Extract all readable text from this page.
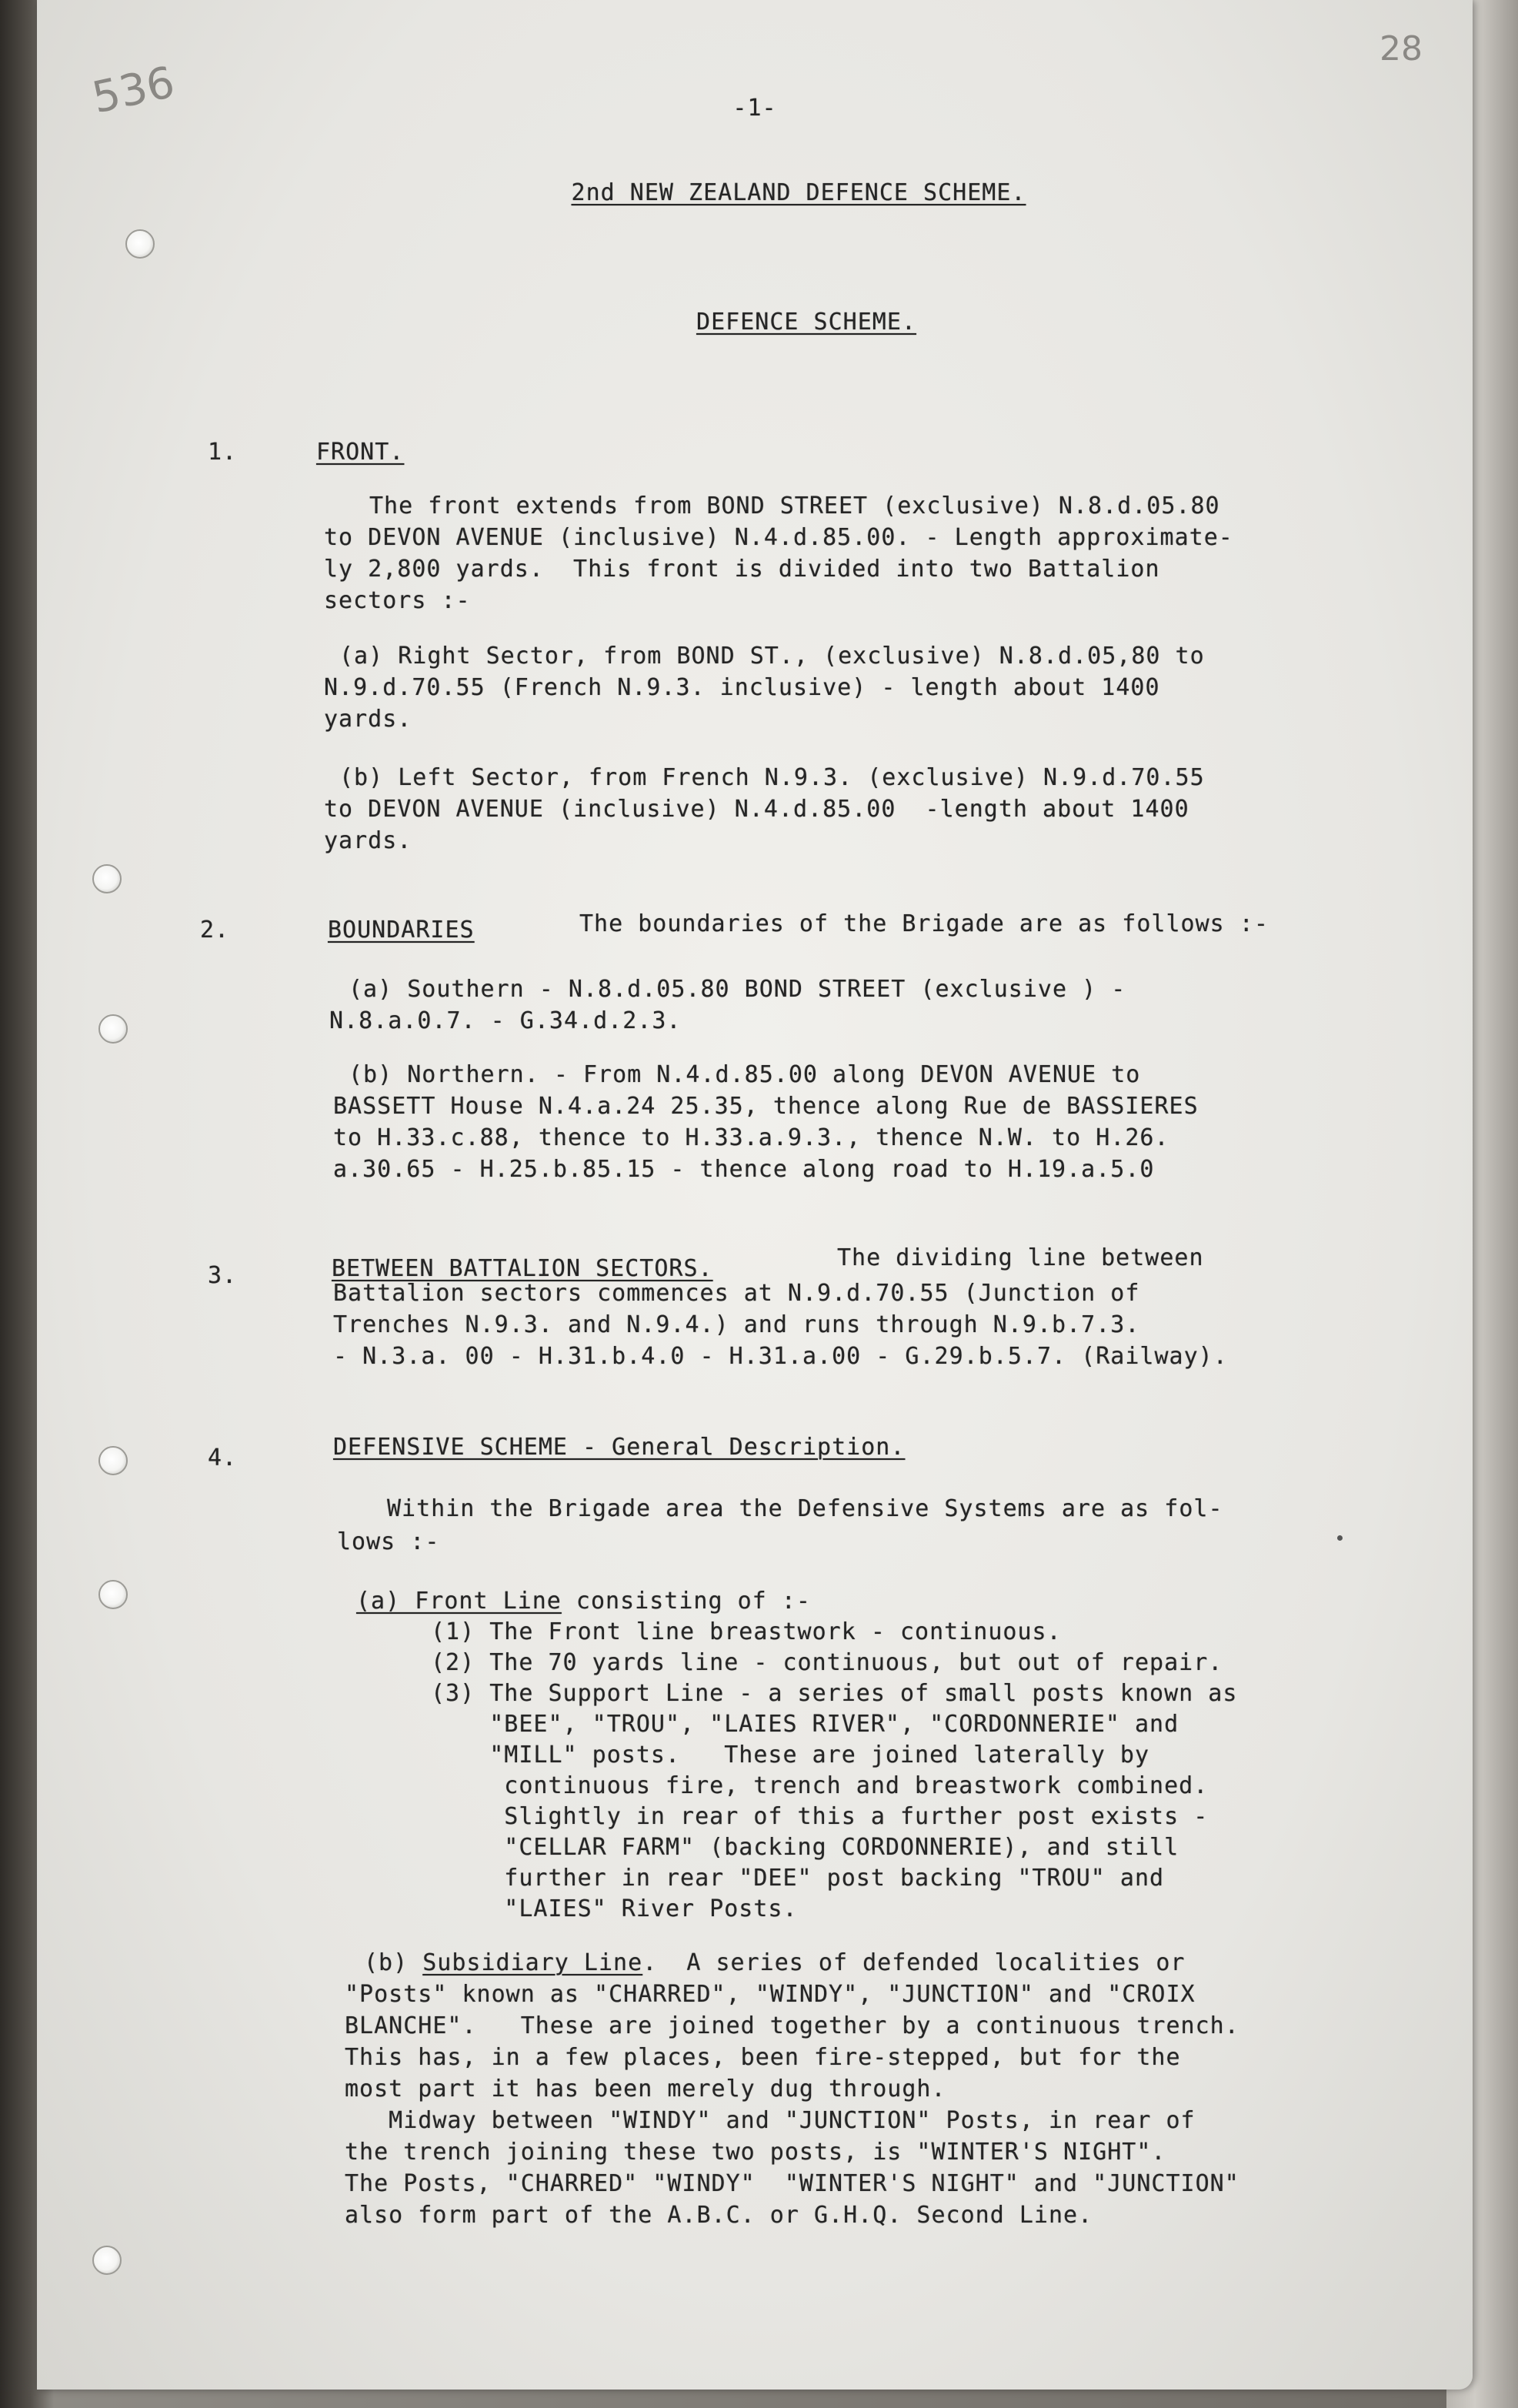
536
28
-1-
2nd NEW ZEALAND DEFENCE SCHEME.
DEFENCE SCHEME.
1.	FRONT.
The front extends from BOND STREET (exclusive) N.8.d.05.80
to DEVON AVENUE (inclusive) N.4.d.85.00. - Length approximate-
ly 2,800 yards.  This front is divided into two Battalion
sectors :-
(a) Right Sector, from BOND ST., (exclusive) N.8.d.05,80 to
N.9.d.70.55 (French N.9.3. inclusive) - length about 1400
yards.
(b) Left Sector, from French N.9.3. (exclusive) N.9.d.70.55
to DEVON AVENUE (inclusive) N.4.d.85.00  -length about 1400
yards.
2.	BOUNDARIES	The boundaries of the Brigade are as follows :-
(a) Southern - N.8.d.05.80 BOND STREET (exclusive ) -
N.8.a.0.7. - G.34.d.2.3.
(b) Northern. - From N.4.d.85.00 along DEVON AVENUE to
BASSETT House N.4.a.24 25.35, thence along Rue de BASSIERES
to H.33.c.88, thence to H.33.a.9.3., thence N.W. to H.26.
a.30.65 - H.25.b.85.15 - thence along road to H.19.a.5.0
3.	BETWEEN BATTALION SECTORS.	The dividing line between
Battalion sectors commences at N.9.d.70.55 (Junction of
Trenches N.9.3. and N.9.4.) and runs through N.9.b.7.3.
- N.3.a. 00 - H.31.b.4.0 - H.31.a.00 - G.29.b.5.7. (Railway).
4.	DEFENSIVE SCHEME - General Description.
Within the Brigade area the Defensive Systems are as fol-
lows :-
(a) Front Line consisting of :-
(1) The Front line breastwork - continuous.
(2) The 70 yards line - continuous, but out of repair.
(3) The Support Line - a series of small posts known as
"BEE", "TROU", "LAIES RIVER", "CORDONNERIE" and
"MILL" posts.   These are joined laterally by
continuous fire, trench and breastwork combined.
Slightly in rear of this a further post exists -
"CELLAR FARM" (backing CORDONNERIE), and still
further in rear "DEE" post backing "TROU" and
"LAIES" River Posts.
(b) Subsidiary Line.  A series of defended localities or
"Posts" known as "CHARRED", "WINDY", "JUNCTION" and "CROIX
BLANCHE".   These are joined together by a continuous trench.
This has, in a few places, been fire-stepped, but for the
most part it has been merely dug through.
Midway between "WINDY" and "JUNCTION" Posts, in rear of
the trench joining these two posts, is "WINTER'S NIGHT".
The Posts, "CHARRED" "WINDY"  "WINTER'S NIGHT" and "JUNCTION"
also form part of the A.B.C. or G.H.Q. Second Line.
